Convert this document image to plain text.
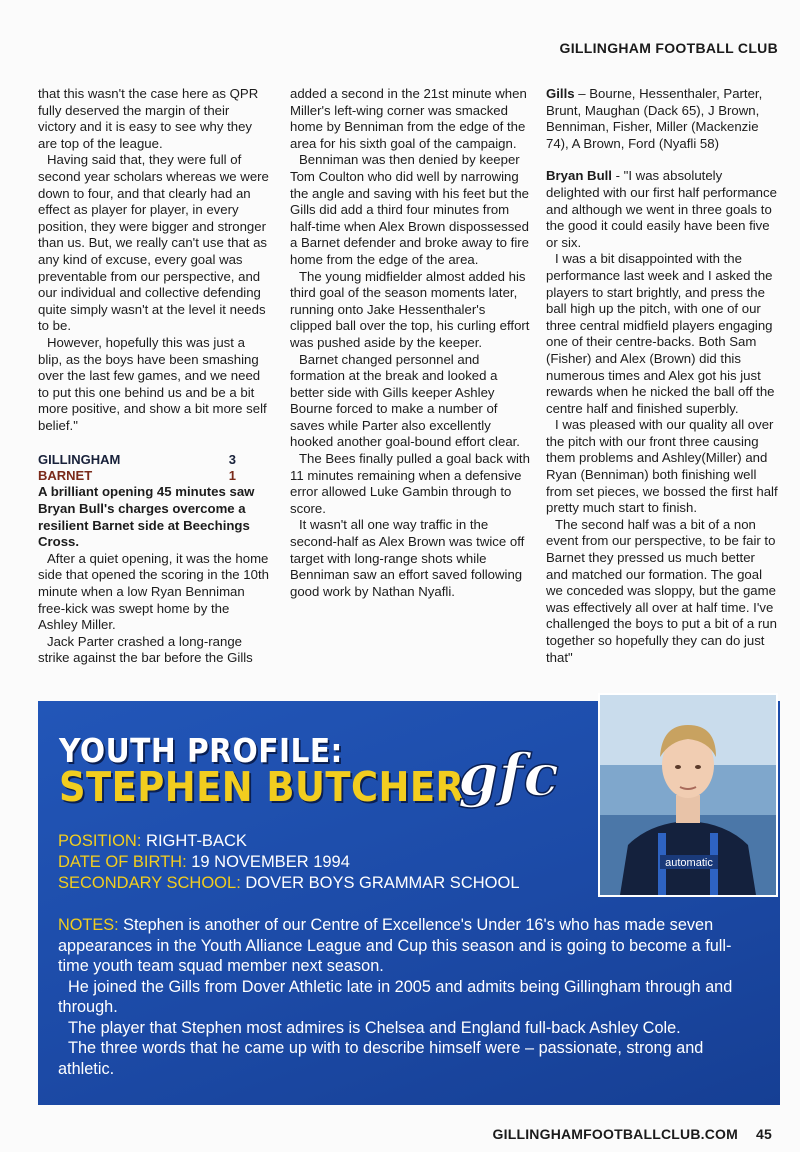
GILLINGHAM FOOTBALL CLUB

that this wasn't the case here as QPR fully deserved the margin of their victory and it is easy to see why they are top of the league.

Having said that, they were full of second year scholars whereas we were down to four, and that clearly had an effect as player for player, in every position, they were bigger and stronger than us. But, we really can't use that as any kind of excuse, every goal was preventable from our perspective, and our individual and collective defending quite simply wasn't at the level it needs to be.

However, hopefully this was just a blip, as the boys have been smashing over the last few games, and we need to put this one behind us and be a bit more positive, and show a bit more self belief."

GILLINGHAM	3
BARNET	1

A brilliant opening 45 minutes saw Bryan Bull's charges overcome a resilient Barnet side at Beechings Cross.

After a quiet opening, it was the home side that opened the scoring in the 10th minute when a low Ryan Benniman free-kick was swept home by the Ashley Miller.

Jack Parter crashed a long-range strike against the bar before the Gills

added a second in the 21st minute when Miller's left-wing corner was smacked home by Benniman from the edge of the area for his sixth goal of the campaign.

Benniman was then denied by keeper Tom Coulton who did well by narrowing the angle and saving with his feet but the Gills did add a third four minutes from half-time when Alex Brown dispossessed a Barnet defender and broke away to fire home from the edge of the area.

The young midfielder almost added his third goal of the season moments later, running onto Jake Hessenthaler's clipped ball over the top, his curling effort was pushed aside by the keeper.

Barnet changed personnel and formation at the break and looked a better side with Gills keeper Ashley Bourne forced to make a number of saves while Parter also excellently hooked another goal-bound effort clear.

The Bees finally pulled a goal back with 11 minutes remaining when a defensive error allowed Luke Gambin through to score.

It wasn't all one way traffic in the second-half as Alex Brown was twice off target with long-range shots while Benniman saw an effort saved following good work by Nathan Nyafli.

Gills – Bourne, Hessenthaler, Parter, Brunt, Maughan (Dack 65), J Brown, Benniman, Fisher, Miller (Mackenzie 74), A Brown, Ford (Nyafli 58)

Bryan Bull - "I was absolutely delighted with our first half performance and although we went in three goals to the good it could easily have been five or six.

I was a bit disappointed with the performance last week and I asked the players to start brightly, and press the ball high up the pitch, with one of our three central midfield players engaging one of their centre-backs. Both Sam (Fisher) and Alex (Brown) did this numerous times and Alex got his just rewards when he nicked the ball off the centre half and finished superbly.

I was pleased with our quality all over the pitch with our front three causing them problems and Ashley(Miller) and Ryan (Benniman) both finishing well from set pieces, we bossed the first half pretty much start to finish.

The second half was a bit of a non event from our perspective, to be fair to Barnet they pressed us much better and matched our formation. The goal we conceded was sloppy, but the game was effectively all over at half time. I've challenged the boys to put a bit of a run together so hopefully they can do just that"

YOUTH PROFILE:
STEPHEN BUTCHER
gfc
automatic
POSITION: RIGHT-BACK
DATE OF BIRTH: 19 NOVEMBER 1994
SECONDARY SCHOOL: DOVER BOYS GRAMMAR SCHOOL

NOTES: Stephen is another of our Centre of Excellence's Under 16's who has made seven appearances in the Youth Alliance League and Cup this season and is going to become a full-time youth team squad member next season.

He joined the Gills from Dover Athletic late in 2005 and admits being Gillingham through and through.

The player that Stephen most admires is Chelsea and England full-back Ashley Cole.

The three words that he came up with to describe himself were – passionate, strong and athletic.

GILLINGHAMFOOTBALLCLUB.COM 45
